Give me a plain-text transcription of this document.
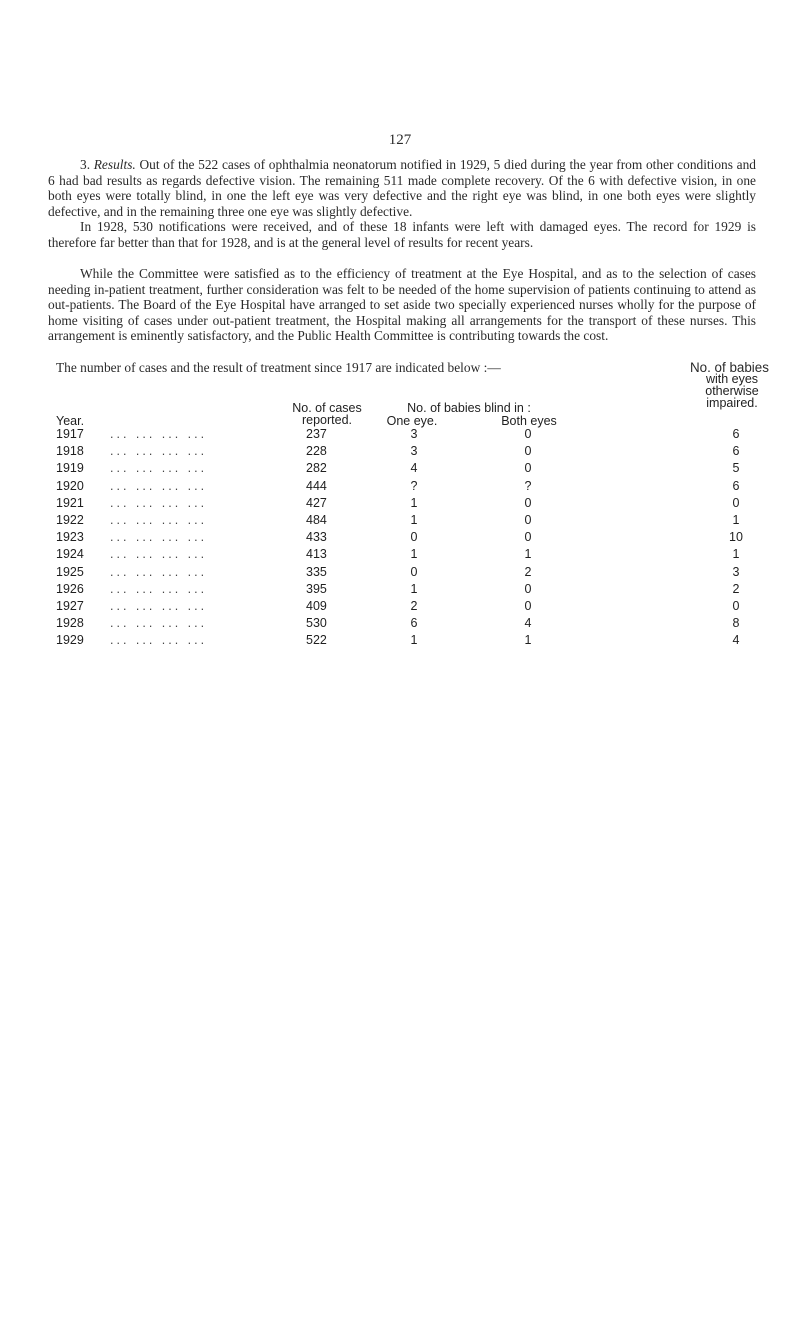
127

3. Results. Out of the 522 cases of ophthalmia neonatorum notified in 1929, 5 died during the year from other conditions and 6 had bad results as regards defective vision. The remaining 511 made complete recovery. Of the 6 with defective vision, in one both eyes were totally blind, in one the left eye was very defective and the right eye was blind, in one both eyes were slightly defective, and in the remaining three one eye was slightly defective.

In 1928, 530 notifications were received, and of these 18 infants were left with damaged eyes. The record for 1929 is therefore far better than that for 1928, and is at the general level of results for recent years.

While the Committee were satisfied as to the efficiency of treatment at the Eye Hospital, and as to the selection of cases needing in-patient treatment, further consideration was felt to be needed of the home supervision of patients continuing to attend as out-patients. The Board of the Eye Hospital have arranged to set aside two specially experienced nurses wholly for the purpose of home visiting of cases under out-patient treatment, the Hospital making all arrangements for the transport of these nurses. This arrangement is eminently satisfactory, and the Public Health Committee is contributing towards the cost.

The number of cases and the result of treatment since 1917 are indicated below :—	No. of babies
with eyes
otherwise
impaired.
No. of cases
reported.
No. of babies blind in :
One eye.	Both eyes
Year.
1917 ... ... ... ...	237	3	0	6
1918 ... ... ... ...	228	3	0	6
1919 ... ... ... ...	282	4	0	5
1920 ... ... ... ...	444	?	?	6
1921 ... ... ... ...	427	1	0	0
1922 ... ... ... ...	484	1	0	1
1923 ... ... ... ...	433	0	0	10
1924 ... ... ... ...	413	1	1	1
1925 ... ... ... ...	335	0	2	3
1926 ... ... ... ...	395	1	0	2
1927 ... ... ... ...	409	2	0	0
1928 ... ... ... ...	530	6	4	8
1929 ... ... ... ...	522	1	1	4
